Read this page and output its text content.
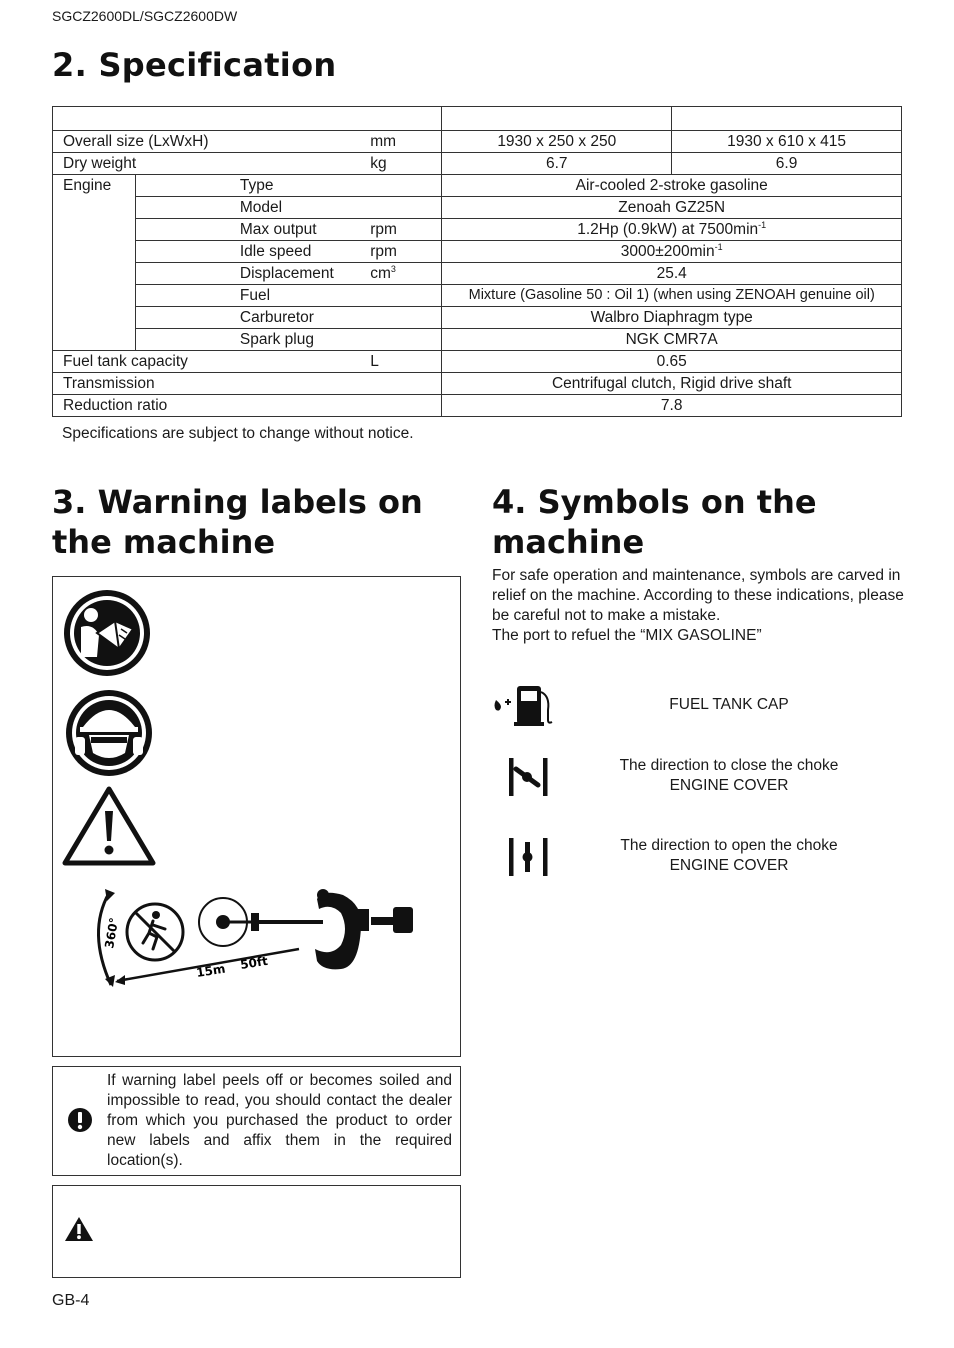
SGCZ2600DL/SGCZ2600DW
2. Specification

Overall size (LxWxH)		mm	1930 x 250 x 250	1930 x 610 x 415
Dry weight		kg	6.7	6.9
Engine	Type		Air-cooled 2-stroke gasoline	
	Model		Zenoah GZ25N	
	Max output	rpm	1.2Hp (0.9kW) at $7500\min^{-1}$
	Idle speed	rpm	$3000\pm 200\min^{-1}$
	Displacement	$cm^3$	25.4	
	Fuel		Mixture (Gasoline 50 : Oil 1) (when using ZENOAH genuine oil)	
	Carburetor		Walbro Diaphragm type	
	Spark plug		NGK CMR7A	
Fuel tank capacity		L	0.65	
Transmission			Centrifugal clutch, Rigid drive shaft	
Reduction ratio			7.8	
Specifications are subject to change without notice.
3. Warning labels on the machine
4. Symbols on the machine
360°
15m 50ft
If warning label peels off or becomes soiled and impossible to read, you should contact the dealer from which you purchased the product to order new labels and affix them in the required location(s).
For safe operation and maintenance, symbols are carved in relief on the machine. According to these indications, please be careful not to make a mistake.
The port to refuel the “MIX GASOLINE”
FUEL TANK CAP
The direction to close the choke
ENGINE COVER
The direction to open the choke
ENGINE COVER
GB-4
